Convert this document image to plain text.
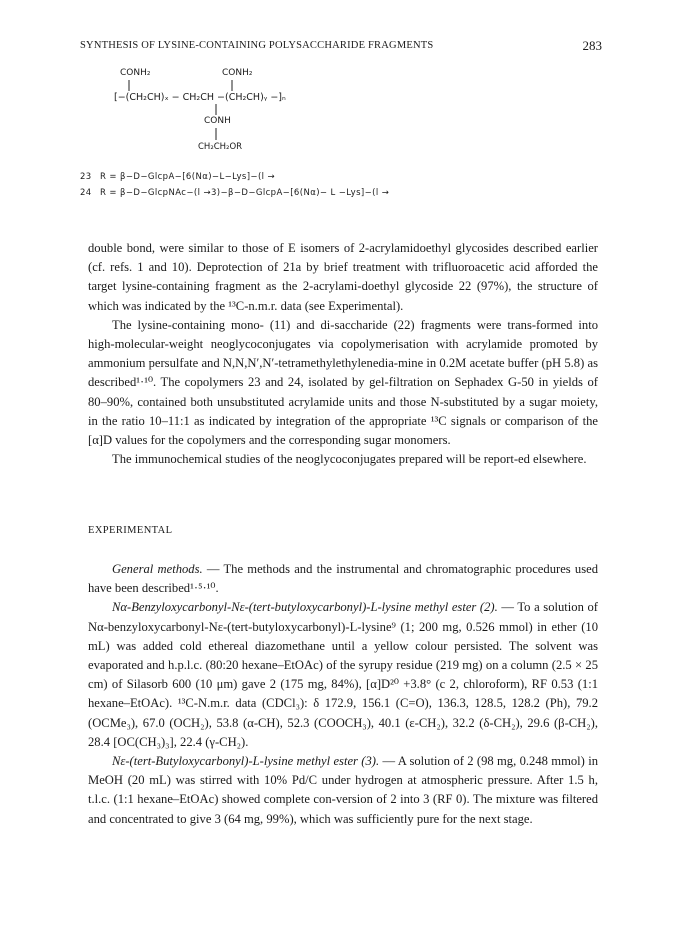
SYNTHESIS OF LYSINE-CONTAINING POLYSACCHARIDE FRAGMENTS	283
CONH₂	CONH₂
[−(CH₂CH)ₓ − CH₂CH −(CH₂CH)ᵧ −]ₙ
CONH
CH₂CH₂OR
23 R = β−D−GlcpA−[6(Nα)−L−Lys]−(l →
24 R = β−D−GlcpNAc−(l →3)−β−D−GlcpA−[6(Nα)− L −Lys]−(l →

double bond, were similar to those of E isomers of 2-acrylamidoethyl glycosides described earlier (cf. refs. 1 and 10). Deprotection of 21a by brief treatment with trifluoroacetic acid afforded the target lysine-containing fragment as the 2-acrylami-doethyl glycoside 22 (97%), the structure of which was indicated by the ¹³C-n.m.r. data (see Experimental).

The lysine-containing mono- (11) and di-saccharide (22) fragments were trans-formed into high-molecular-weight neoglycoconjugates via copolymerisation with acrylamide promoted by ammonium persulfate and N,N,N′,N′-tetramethylethylenedia-mine in 0.2M acetate buffer (pH 5.8) as described¹·¹⁰. The copolymers 23 and 24, isolated by gel-filtration on Sephadex G-50 in yields of 80–90%, contained both unsubstituted acrylamide units and those N-substituted by a sugar moiety, in the ratio 10–11:1 as indicated by integration of the appropriate ¹³C signals or comparison of the [α]D values for the copolymers and the corresponding sugar monomers.

The immunochemical studies of the neoglycoconjugates prepared will be report-ed elsewhere.

EXPERIMENTAL

General methods. — The methods and the instrumental and chromatographic procedures used have been described¹·⁵·¹⁰.

Nα-Benzyloxycarbonyl-Nε-(tert-butyloxycarbonyl)-L-lysine methyl ester (2). — To a solution of Nα-benzyloxycarbonyl-Nε-(tert-butyloxycarbonyl)-L-lysine⁹ (1; 200 mg, 0.526 mmol) in ether (10 mL) was added cold ethereal diazomethane until a yellow colour persisted. The solvent was evaporated and h.p.l.c. (80:20 hexane–EtOAc) of the syrupy residue (219 mg) on a column (2.5 × 25 cm) of Silasorb 600 (10 μm) gave 2 (175 mg, 84%), [α]D²⁰ +3.8° (c 2, chloroform), RF 0.53 (1:1 hexane–EtOAc). ¹³C-N.m.r. data (CDCl₃): δ 172.9, 156.1 (C=O), 136.3, 128.5, 128.2 (Ph), 79.2 (OCMe₃), 67.0 (OCH₂), 53.8 (α-CH), 52.3 (COOCH₃), 40.1 (ε-CH₂), 32.2 (δ-CH₂), 29.6 (β-CH₂), 28.4 [OC(CH₃)₃], 22.4 (γ-CH₂).

Nε-(tert-Butyloxycarbonyl)-L-lysine methyl ester (3). — A solution of 2 (98 mg, 0.248 mmol) in MeOH (20 mL) was stirred with 10% Pd/C under hydrogen at atmospheric pressure. After 1.5 h, t.l.c. (1:1 hexane–EtOAc) showed complete con-version of 2 into 3 (RF 0). The mixture was filtered and concentrated to give 3 (64 mg, 99%), which was sufficiently pure for the next stage.
